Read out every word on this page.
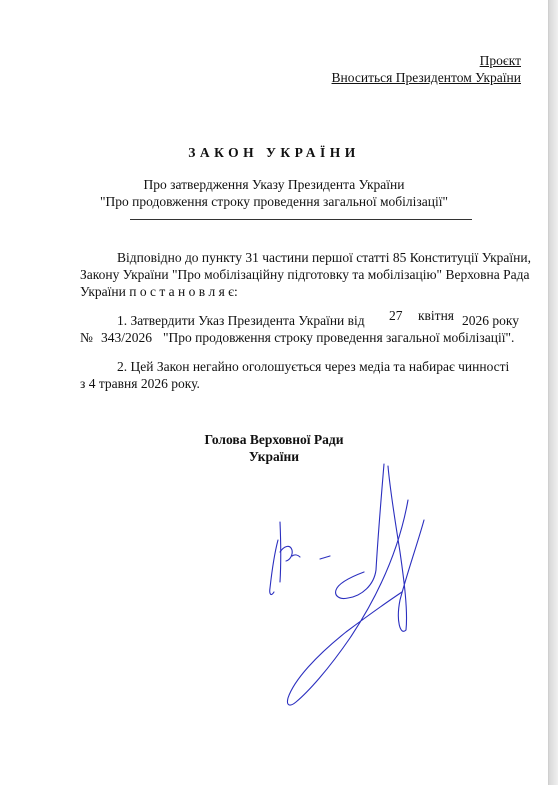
Проєкт
Вноситься Президентом України
ЗАКОН УКРАЇНИ
Про затвердження Указу Президента України
"Про продовження строку проведення загальної мобілізації"
Відповідно до пункту 31 частини першої статті 85 Конституції України,
Закону України "Про мобілізаційну підготовку та мобілізацію" Верховна Рада
України п о с т а н о в л я є:
1. Затвердити Указ Президента України від 27 квітня 2026 року
№ 343/2026 "Про продовження строку проведення загальної мобілізації".
2. Цей Закон негайно оголошується через медіа та набирає чинності
з 4 травня 2026 року.
Голова Верховної Ради
України
